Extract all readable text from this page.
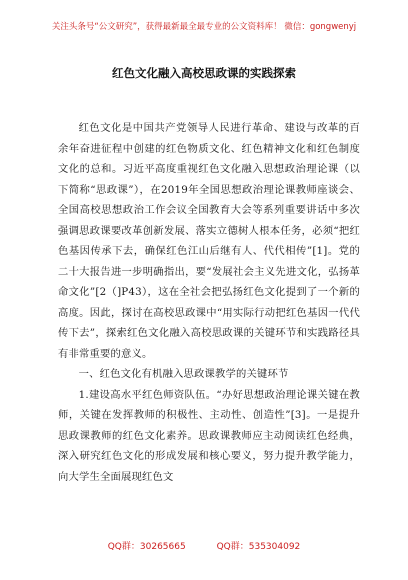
关注头条号“公文研究”，获得最新最全最专业的公文资料库！ 微信：gongwenyj
红色文化融入高校思政课的实践探索

红色文化是中国共产党领导人民进行革命、建设与改革的百余年奋进征程中创建的红色物质文化、红色精神文化和红色制度文化的总和。习近平高度重视红色文化融入思想政治理论课（以下简称“思政课”），在2019年全国思想政治理论课教师座谈会、全国高校思想政治工作会议全国教育大会等系列重要讲话中多次强调思政课要改革创新发展、落实立德树人根本任务，必须“把红色基因传承下去，确保红色江山后继有人、代代相传”[1]。党的二十大报告进一步明确指出，要“发展社会主义先进文化，弘扬革命文化”[2（]P43），这在全社会把弘扬红色文化提到了一个新的高度。因此，探讨在高校思政课中“用实际行动把红色基因一代代传下去”，探索红色文化融入高校思政课的关键环节和实践路径具有非常重要的意义。

一、红色文化有机融入思政课教学的关键环节

1.建设高水平红色师资队伍。“办好思想政治理论课关键在教师，关键在发挥教师的积极性、主动性、创造性”[3]。一是提升思政课教师的红色文化素养。思政课教师应主动阅读红色经典，深入研究红色文化的形成发展和核心要义，努力提升教学能力，向大学生全面展现红色文

QQ群：30265665	QQ群：535304092
